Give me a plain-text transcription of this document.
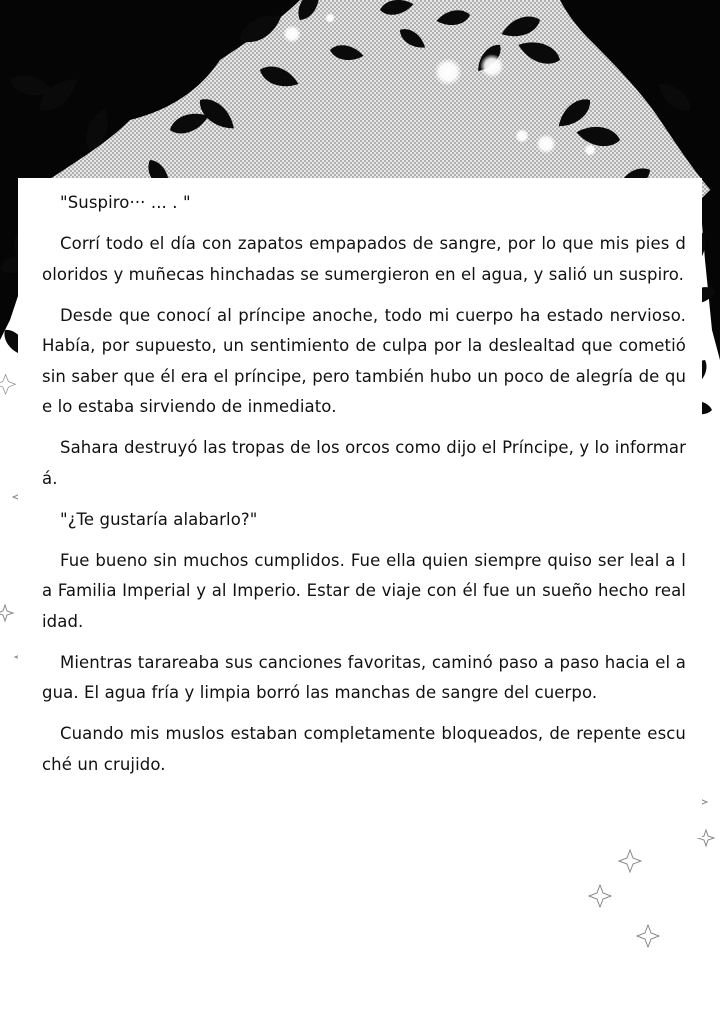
"Suspiro··· ... . "

Corrí todo el día con zapatos empapados de sangre, por lo que mis pies doloridos y muñecas hinchadas se sumergieron en el agua, y salió un suspiro.

Desde que conocí al príncipe anoche, todo mi cuerpo ha estado nervioso. Había, por supuesto, un sentimiento de culpa por la deslealtad que cometió sin saber que él era el príncipe, pero también hubo un poco de alegría de que lo estaba sirviendo de inmediato.

Sahara destruyó las tropas de los orcos como dijo el Príncipe, y lo informará.

"¿Te gustaría alabarlo?"

Fue bueno sin muchos cumplidos. Fue ella quien siempre quiso ser leal a la Familia Imperial y al Imperio. Estar de viaje con él fue un sueño hecho realidad.

Mientras tarareaba sus canciones favoritas, caminó paso a paso hacia el agua. El agua fría y limpia borró las manchas de sangre del cuerpo.

Cuando mis muslos estaban completamente bloqueados, de repente escuché un crujido.
